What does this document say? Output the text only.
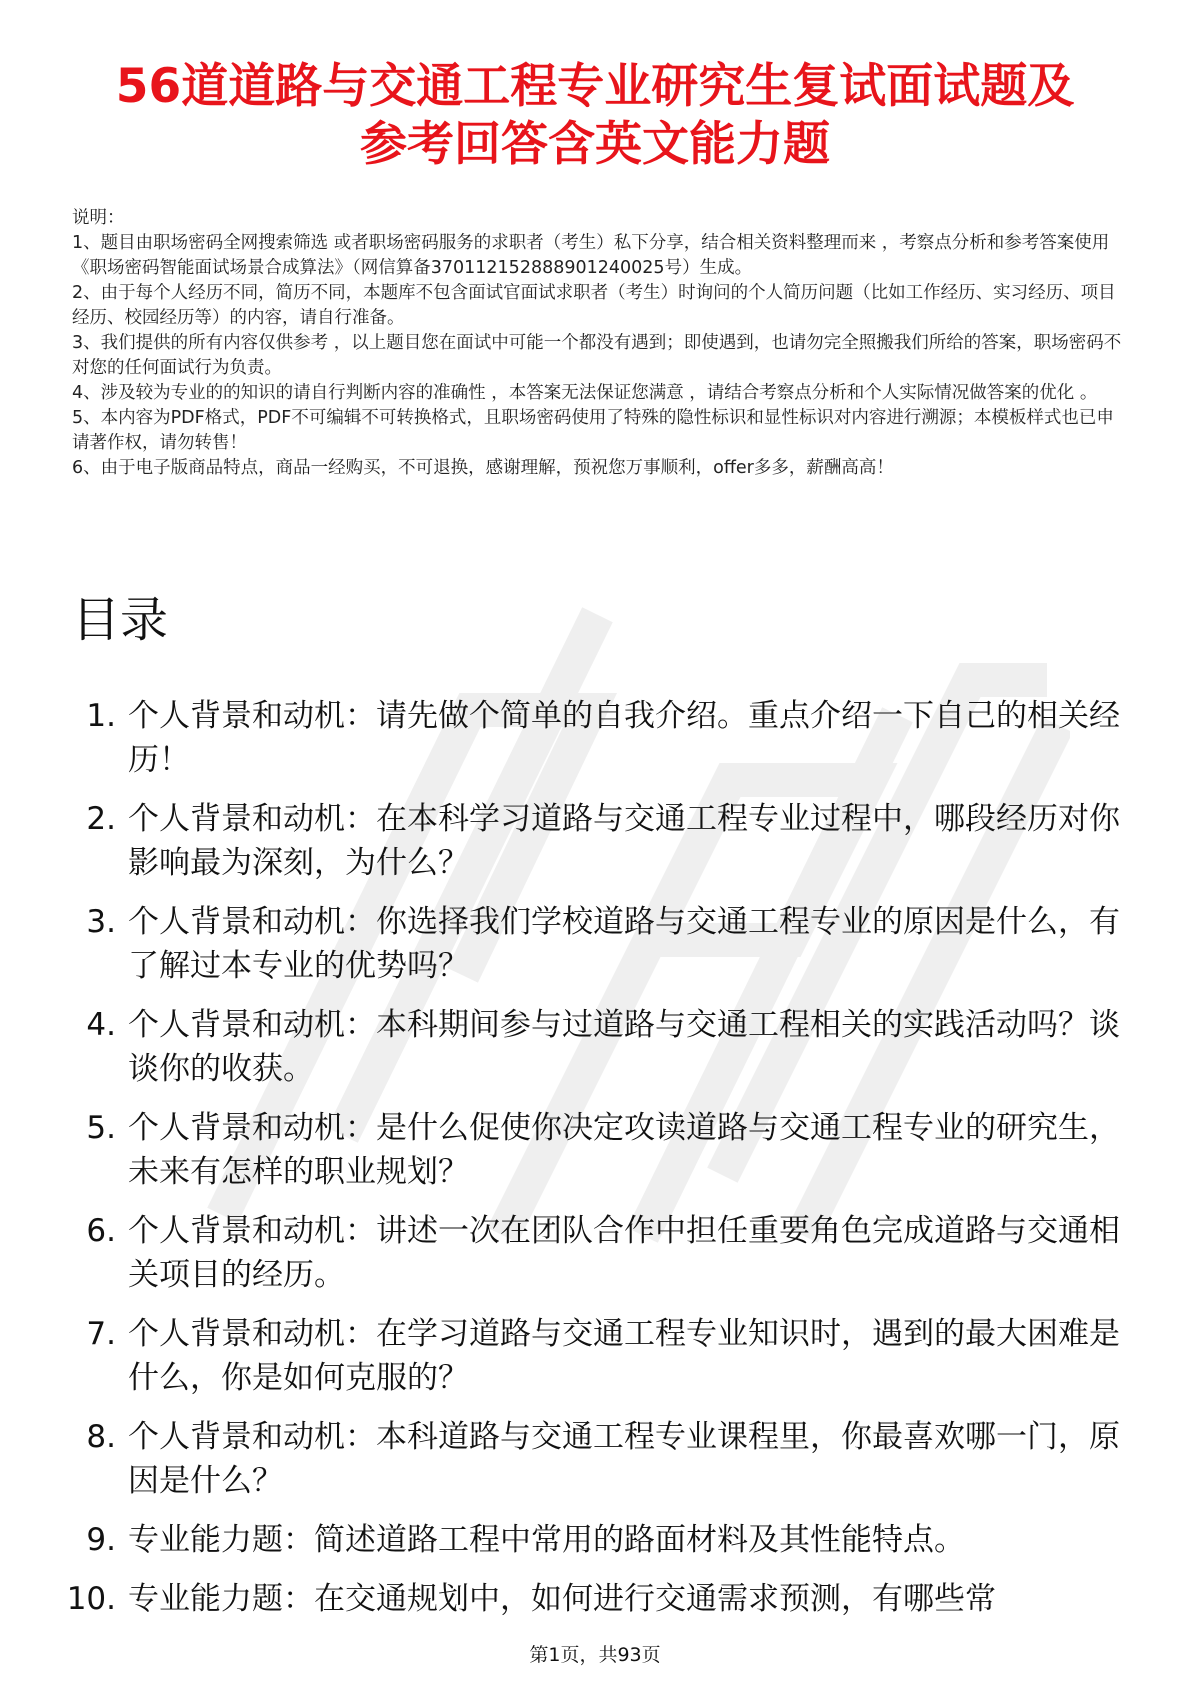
56道道路与交通工程专业研究生复试面试题及
参考回答含英文能力题

说明：

1、题目由职场密码全网搜索筛选 或者职场密码服务的求职者（考生）私下分享，结合相关资料整理而来 ，考察点分析和参考答案使用《职场密码智能面试场景合成算法》（网信算备370112152888901240025号）生成。

2、由于每个人经历不同，简历不同，本题库不包含面试官面试求职者（考生）时询问的个人简历问题（比如工作经历、实习经历、项目经历、校园经历等）的内容，请自行准备。

3、我们提供的所有内容仅供参考 ，以上题目您在面试中可能一个都没有遇到；即使遇到，也请勿完全照搬我们所给的答案，职场密码不对您的任何面试行为负责。

4、涉及较为专业的的知识的请自行判断内容的准确性 ，本答案无法保证您满意 ，请结合考察点分析和个人实际情况做答案的优化 。

5、本内容为PDF格式，PDF不可编辑不可转换格式，且职场密码使用了特殊的隐性标识和显性标识对内容进行溯源；本模板样式也已申请著作权，请勿转售！

6、由于电子版商品特点，商品一经购买，不可退换，感谢理解，预祝您万事顺利，offer多多，薪酬高高！

目录
1. 个人背景和动机：请先做个简单的自我介绍。重点介绍一下自己的相关经历！
2. 个人背景和动机：在本科学习道路与交通工程专业过程中，哪段经历对你影响最为深刻，为什么？
3. 个人背景和动机：你选择我们学校道路与交通工程专业的原因是什么，有了解过本专业的优势吗？
4. 个人背景和动机：本科期间参与过道路与交通工程相关的实践活动吗？谈谈你的收获。
5. 个人背景和动机：是什么促使你决定攻读道路与交通工程专业的研究生，未来有怎样的职业规划？
6. 个人背景和动机：讲述一次在团队合作中担任重要角色完成道路与交通相关项目的经历。
7. 个人背景和动机：在学习道路与交通工程专业知识时，遇到的最大困难是什么，你是如何克服的？
8. 个人背景和动机：本科道路与交通工程专业课程里，你最喜欢哪一门，原因是什么？
9. 专业能力题：简述道路工程中常用的路面材料及其性能特点。
10. 专业能力题：在交通规划中，如何进行交通需求预测，有哪些常
第1页，共93页
